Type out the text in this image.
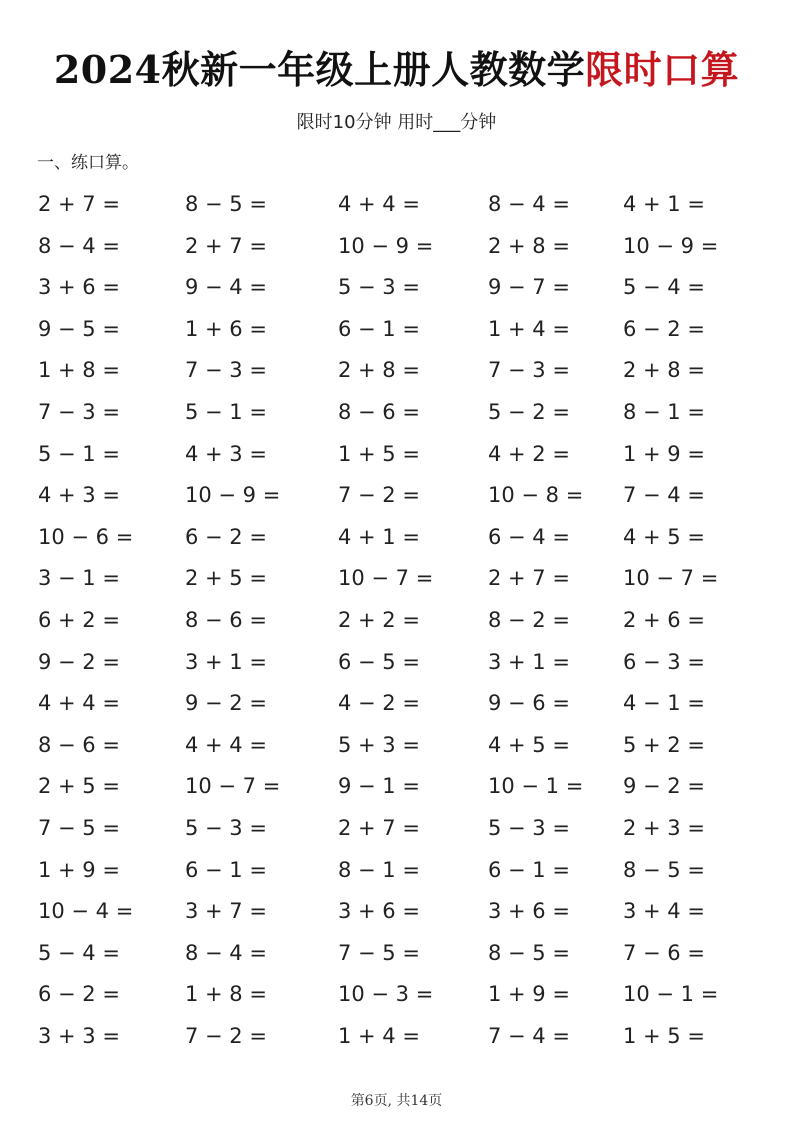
2024秋新一年级上册人教数学限时口算
限时10分钟 用时___分钟
一、练口算。
2 + 7 =	8 − 5 =	4 + 4 =	8 − 4 =	4 + 1 =
8 − 4 =	2 + 7 =	10 − 9 =	2 + 8 =	10 − 9 =
3 + 6 =	9 − 4 =	5 − 3 =	9 − 7 =	5 − 4 =
9 − 5 =	1 + 6 =	6 − 1 =	1 + 4 =	6 − 2 =
1 + 8 =	7 − 3 =	2 + 8 =	7 − 3 =	2 + 8 =
7 − 3 =	5 − 1 =	8 − 6 =	5 − 2 =	8 − 1 =
5 − 1 =	4 + 3 =	1 + 5 =	4 + 2 =	1 + 9 =
4 + 3 =	10 − 9 =	7 − 2 =	10 − 8 =	7 − 4 =
10 − 6 =	6 − 2 =	4 + 1 =	6 − 4 =	4 + 5 =
3 − 1 =	2 + 5 =	10 − 7 =	2 + 7 =	10 − 7 =
6 + 2 =	8 − 6 =	2 + 2 =	8 − 2 =	2 + 6 =
9 − 2 =	3 + 1 =	6 − 5 =	3 + 1 =	6 − 3 =
4 + 4 =	9 − 2 =	4 − 2 =	9 − 6 =	4 − 1 =
8 − 6 =	4 + 4 =	5 + 3 =	4 + 5 =	5 + 2 =
2 + 5 =	10 − 7 =	9 − 1 =	10 − 1 =	9 − 2 =
7 − 5 =	5 − 3 =	2 + 7 =	5 − 3 =	2 + 3 =
1 + 9 =	6 − 1 =	8 − 1 =	6 − 1 =	8 − 5 =
10 − 4 =	3 + 7 =	3 + 6 =	3 + 6 =	3 + 4 =
5 − 4 =	8 − 4 =	7 − 5 =	8 − 5 =	7 − 6 =
6 − 2 =	1 + 8 =	10 − 3 =	1 + 9 =	10 − 1 =
3 + 3 =	7 − 2 =	1 + 4 =	7 − 4 =	1 + 5 =
第6页, 共14页
